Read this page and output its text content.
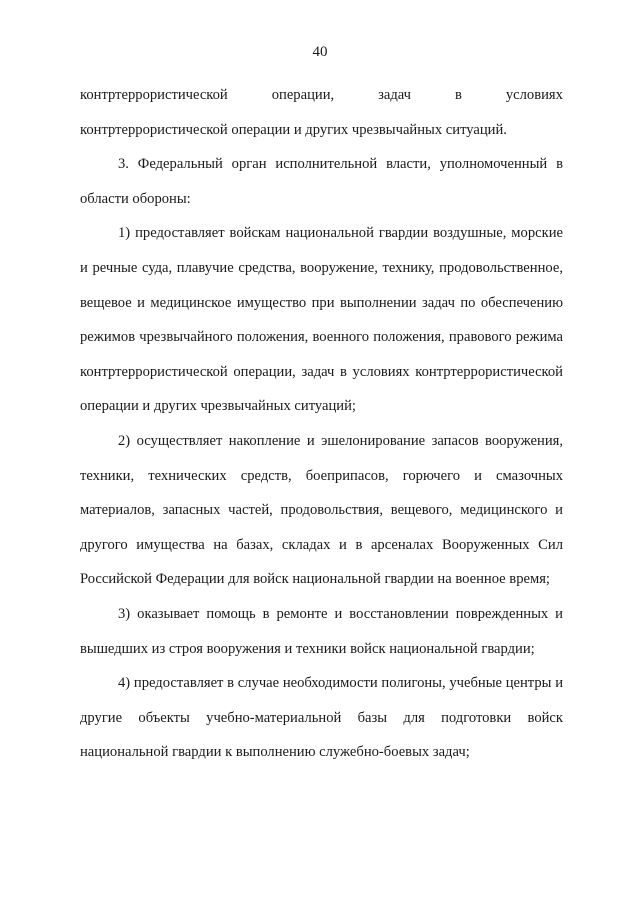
40
контртеррористической	операции,	задач	в	условиях

контртеррористической операции и других чрезвычайных ситуаций.

3. Федеральный орган исполнительной власти, уполномоченный в области обороны:

1) предоставляет войскам национальной гвардии воздушные, морские и речные суда, плавучие средства, вооружение, технику, продовольственное, вещевое и медицинское имущество при выполнении задач по обеспечению режимов чрезвычайного положения, военного положения, правового режима контртеррористической операции, задач в условиях контртеррористической операции и других чрезвычайных ситуаций;

2) осуществляет накопление и эшелонирование запасов вооружения, техники, технических средств, боеприпасов, горючего и смазочных материалов, запасных частей, продовольствия, вещевого, медицинского и другого имущества на базах, складах и в арсеналах Вооруженных Сил Российской Федерации для войск национальной гвардии на военное время;

3) оказывает помощь в ремонте и восстановлении поврежденных и вышедших из строя вооружения и техники войск национальной гвардии;

4) предоставляет в случае необходимости полигоны, учебные центры и другие объекты учебно-материальной базы для подготовки войск национальной гвардии к выполнению служебно-боевых задач;
